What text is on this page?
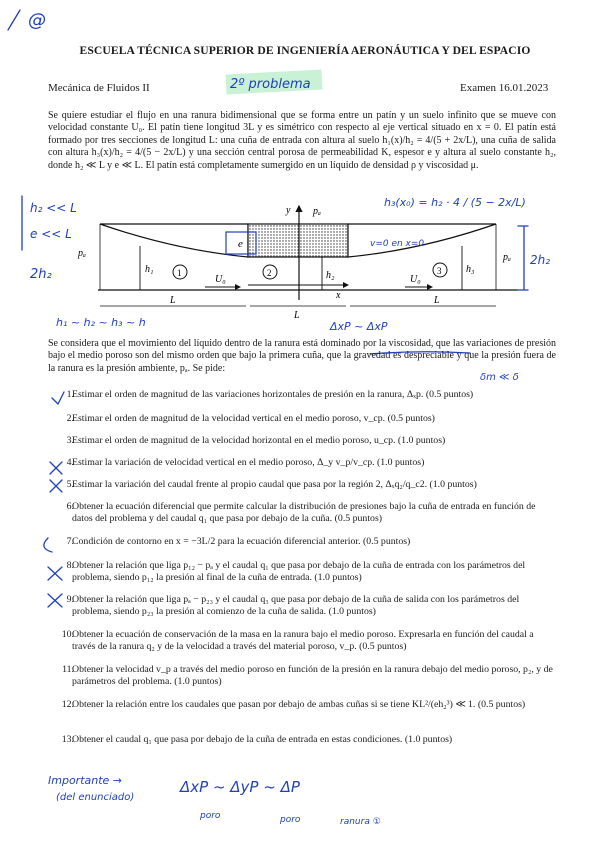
@
ESCUELA TÉCNICA SUPERIOR DE INGENIERÍA AERONÁUTICA Y DEL ESPACIO
Mecánica de Fluidos II	Examen 16.01.2023
Se quiere estudiar el flujo en una ranura bidimensional que se forma entre un patín y un suelo infinito que se mueve con velocidad constante U₀. El patín tiene longitud 3L y es simétrico con respecto al eje vertical situado en x = 0. El patín está formado por tres secciones de longitud L: una cuña de entrada con altura al suelo h₁(x)/h₂ = 4/(5 + 2x/L), una cuña de salida con altura h₃(x)/h₂ = 4/(5 − 2x/L) y una sección central porosa de permeabilidad K, espesor e y altura al suelo constante h₂, donde h₂ ≪ L y e ≪ L. El patín está completamente sumergido en un líquido de densidad ρ y viscosidad μ.
y
x
pₐ
pₐ	pₐ
h₁
h₂
h₃
1	2	3
U₀	U₀
e
L
L
L
2º problema
h₂ << L
e << L
2h₂
h₃(x₀) = h₂ · 4 / (5 − 2x/L)
v=0 en x=0
2h₂
h₁ ~ h₂ ~ h₃ ~ h	ΔxP ~ ΔxP
δm ≪ δ
Importante →
(del enunciado)
ΔxP ~ ΔyP ~ ΔP
poro	poro	ranura ①
Se considera que el movimiento del líquido dentro de la ranura está dominado por la viscosidad, que las variaciones de presión bajo el medio poroso son del mismo orden que bajo la primera cuña, que la gravedad es despreciable y que la presión fuera de la ranura es la presión ambiente, pₐ. Se pide:
1.
Estimar el orden de magnitud de las variaciones horizontales de presión en la ranura, Δₓp. (0.5 puntos)
2.
Estimar el orden de magnitud de la velocidad vertical en el medio poroso, v_cp. (0.5 puntos)
3.
Estimar el orden de magnitud de la velocidad horizontal en el medio poroso, u_cp. (1.0 puntos)
4.
Estimar la variación de velocidad vertical en el medio poroso, Δ_y v_p/v_cp. (1.0 puntos)
5.
Estimar la variación del caudal frente al propio caudal que pasa por la región 2, Δₓq₂/q_c2. (1.0 puntos)
6.
Obtener la ecuación diferencial que permite calcular la distribución de presiones bajo la cuña de entrada en función de datos del problema y del caudal q₁ que pasa por debajo de la cuña. (0.5 puntos)
7.
Condición de contorno en x = −3L/2 para la ecuación diferencial anterior. (0.5 puntos)
8.
Obtener la relación que liga p₁₂ − pₐ y el caudal q₁ que pasa por debajo de la cuña de entrada con los parámetros del problema, siendo p₁₂ la presión al final de la cuña de entrada. (1.0 puntos)
9.
Obtener la relación que liga pₐ − p₂₃ y el caudal q₃ que pasa por debajo de la cuña de salida con los parámetros del problema, siendo p₂₃ la presión al comienzo de la cuña de salida. (1.0 puntos)
10.
Obtener la ecuación de conservación de la masa en la ranura bajo el medio poroso. Expresarla en función del caudal a través de la ranura q₂ y de la velocidad a través del material poroso, v_p. (0.5 puntos)
11.
Obtener la velocidad v_p a través del medio poroso en función de la presión en la ranura debajo del medio poroso, p₂, y de parámetros del problema. (1.0 puntos)
12.
Obtener la relación entre los caudales que pasan por debajo de ambas cuñas si se tiene KL²/(eh₂³) ≪ 1. (0.5 puntos)
13.
Obtener el caudal q₁ que pasa por debajo de la cuña de entrada en estas condiciones. (1.0 puntos)
